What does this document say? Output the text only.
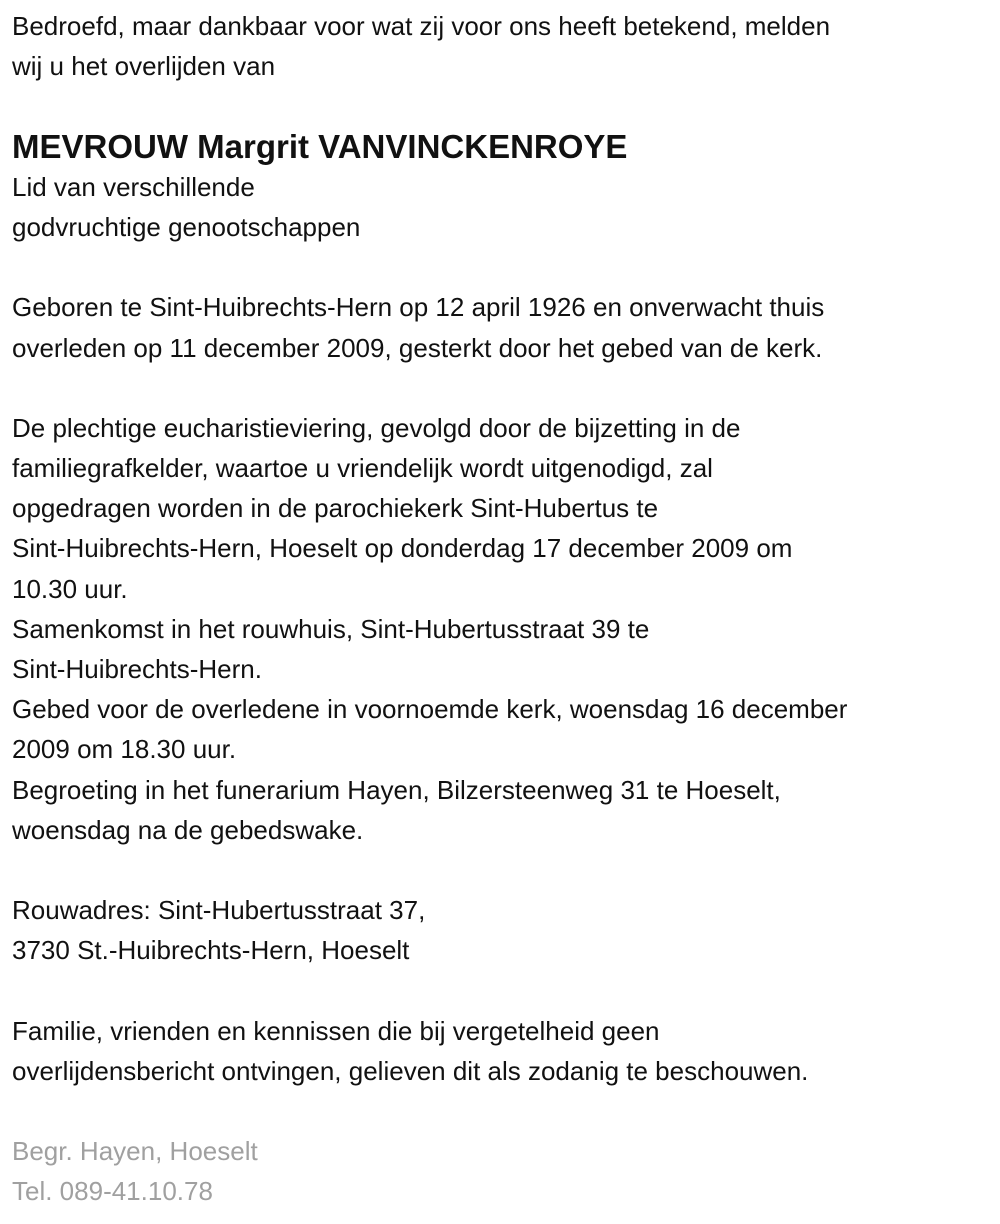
Bedroefd, maar dankbaar voor wat zij voor ons heeft betekend, melden
wij u het overlijden van
MEVROUW Margrit VANVINCKENROYE
Lid van verschillende
godvruchtige genootschappen
Geboren te Sint-Huibrechts-Hern op 12 april 1926 en onverwacht thuis
overleden op 11 december 2009, gesterkt door het gebed van de kerk.
De plechtige eucharistieviering, gevolgd door de bijzetting in de
familiegrafkelder, waartoe u vriendelijk wordt uitgenodigd, zal
opgedragen worden in de parochiekerk Sint-Hubertus te
Sint-Huibrechts-Hern, Hoeselt op donderdag 17 december 2009 om
10.30 uur.
Samenkomst in het rouwhuis, Sint-Hubertusstraat 39 te
Sint-Huibrechts-Hern.
Gebed voor de overledene in voornoemde kerk, woensdag 16 december
2009 om 18.30 uur.
Begroeting in het funerarium Hayen, Bilzersteenweg 31 te Hoeselt,
woensdag na de gebedswake.
Rouwadres: Sint-Hubertusstraat 37,
3730 St.-Huibrechts-Hern, Hoeselt
Familie, vrienden en kennissen die bij vergetelheid geen
overlijdensbericht ontvingen, gelieven dit als zodanig te beschouwen.
Begr. Hayen, Hoeselt
Tel. 089-41.10.78
